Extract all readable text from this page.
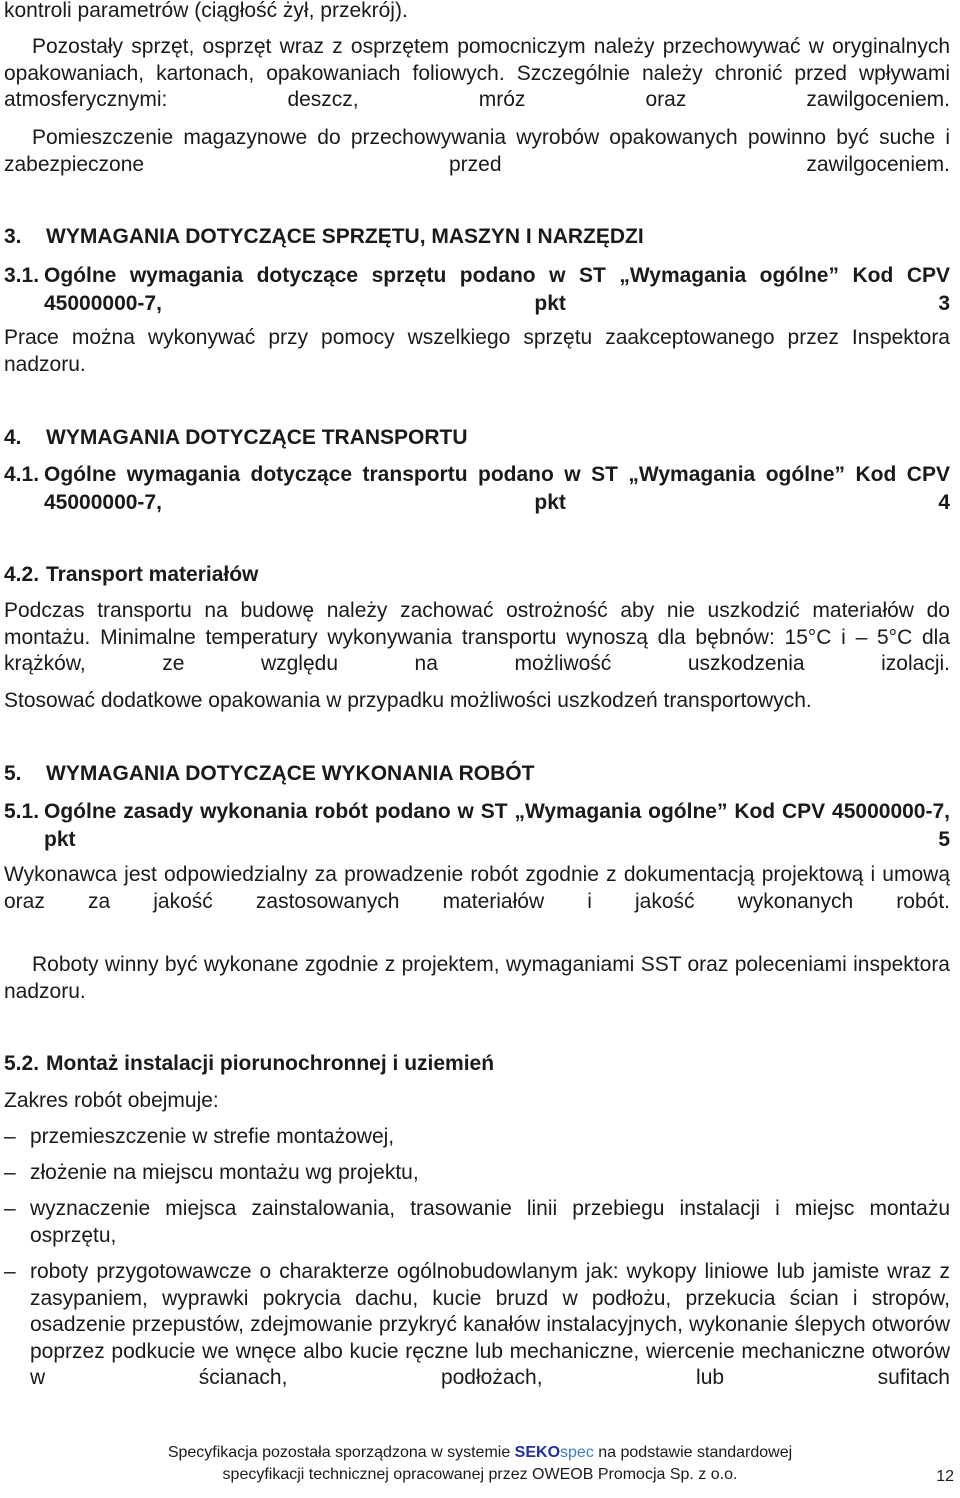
kontroli parametrów (ciągłość żył, przekrój).
Pozostały sprzęt, osprzęt wraz z osprzętem pomocniczym należy przechowywać w oryginalnych opakowaniach, kartonach, opakowaniach foliowych. Szczególnie należy chronić przed wpływami atmosferycznymi: deszcz, mróz oraz zawilgoceniem.
Pomieszczenie magazynowe do przechowywania wyrobów opakowanych powinno być suche i zabezpieczone przed zawilgoceniem.
3. WYMAGANIA DOTYCZĄCE SPRZĘTU, MASZYN I NARZĘDZI
3.1. Ogólne wymagania dotyczące sprzętu podano w ST „Wymagania ogólne” Kod CPV 45000000-7, pkt 3
Prace można wykonywać przy pomocy wszelkiego sprzętu zaakceptowanego przez Inspektora nadzoru.
4. WYMAGANIA DOTYCZĄCE TRANSPORTU
4.1. Ogólne wymagania dotyczące transportu podano w ST „Wymagania ogólne” Kod CPV 45000000-7, pkt 4
4.2. Transport materiałów
Podczas transportu na budowę należy zachować ostrożność aby nie uszkodzić materiałów do montażu. Minimalne temperatury wykonywania transportu wynoszą dla bębnów: 15°C i – 5°C dla krążków, ze względu na możliwość uszkodzenia izolacji.
Stosować dodatkowe opakowania w przypadku możliwości uszkodzeń transportowych.
5. WYMAGANIA DOTYCZĄCE WYKONANIA ROBÓT
5.1. Ogólne zasady wykonania robót podano w ST „Wymagania ogólne” Kod CPV 45000000-7, pkt 5
Wykonawca jest odpowiedzialny za prowadzenie robót zgodnie z dokumentacją projektową i umową oraz za jakość zastosowanych materiałów i jakość wykonanych robót.
Roboty winny być wykonane zgodnie z projektem, wymaganiami SST oraz poleceniami inspektora nadzoru.
5.2. Montaż instalacji piorunochronnej i uziemień
Zakres robót obejmuje:
– przemieszczenie w strefie montażowej,
– złożenie na miejscu montażu wg projektu,
– wyznaczenie miejsca zainstalowania, trasowanie linii przebiegu instalacji i miejsc montażu osprzętu,
– roboty przygotowawcze o charakterze ogólnobudowlanym jak: wykopy liniowe lub jamiste wraz z zasypaniem, wyprawki pokrycia dachu, kucie bruzd w podłożu, przekucia ścian i stropów, osadzenie przepustów, zdejmowanie przykryć kanałów instalacyjnych, wykonanie ślepych otworów poprzez podkucie we wnęce albo kucie ręczne lub mechaniczne, wiercenie mechaniczne otworów w ścianach, podłożach, lub sufitach
Specyfikacja pozostała sporządzona w systemie SEKOspec na podstawie standardowej
specyfikacji technicznej opracowanej przez OWEOB Promocja Sp. z o.o.	12
